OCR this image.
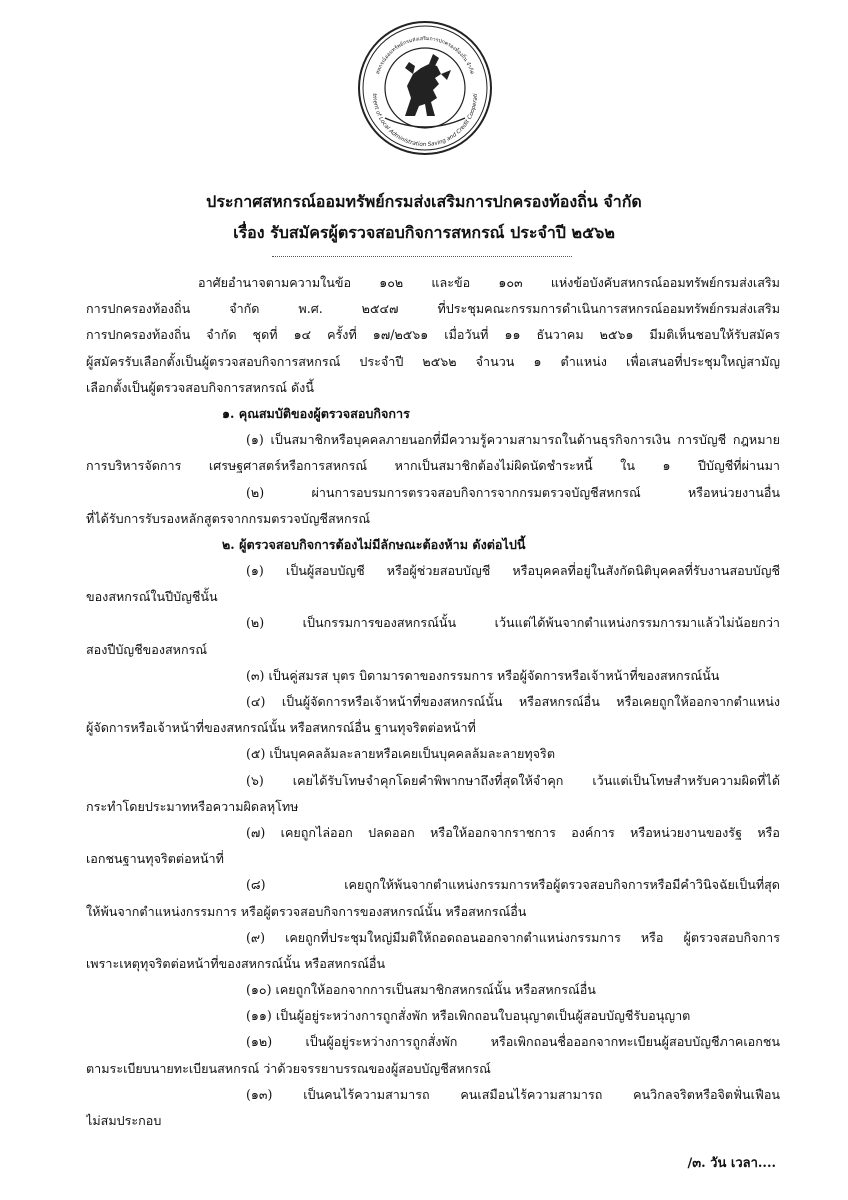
สหกรณ์ออมทรัพย์กรมส่งเสริมการปกครองท้องถิ่น จำกัด
tment of Local Administration Saving and Credit Cooperati
ประกาศสหกรณ์ออมทรัพย์กรมส่งเสริมการปกครองท้องถิ่น จำกัด
เรื่อง รับสมัครผู้ตรวจสอบกิจการสหกรณ์ ประจำปี ๒๕๖๒
อาศัยอำนาจตามความในข้อ ๑๐๒ และข้อ ๑๐๓ แห่งข้อบังคับสหกรณ์ออมทรัพย์กรมส่งเสริม
การปกครองท้องถิ่น จำกัด พ.ศ. ๒๕๔๗ ที่ประชุมคณะกรรมการดำเนินการสหกรณ์ออมทรัพย์กรมส่งเสริม
การปกครองท้องถิ่น จำกัด ชุดที่ ๑๔ ครั้งที่ ๑๗/๒๕๖๑ เมื่อวันที่ ๑๑ ธันวาคม ๒๕๖๑ มีมติเห็นชอบให้รับสมัคร
ผู้สมัครรับเลือกตั้งเป็นผู้ตรวจสอบกิจการสหกรณ์ ประจำปี ๒๕๖๒ จำนวน ๑ ตำแหน่ง เพื่อเสนอที่ประชุมใหญ่สามัญ
เลือกตั้งเป็นผู้ตรวจสอบกิจการสหกรณ์ ดังนี้
๑. คุณสมบัติของผู้ตรวจสอบกิจการ
(๑) เป็นสมาชิกหรือบุคคลภายนอกที่มีความรู้ความสามารถในด้านธุรกิจการเงิน การบัญชี กฎหมาย
การบริหารจัดการ เศรษฐศาสตร์หรือการสหกรณ์ หากเป็นสมาชิกต้องไม่ผิดนัดชำระหนี้ ใน ๑ ปีบัญชีที่ผ่านมา
(๒) ผ่านการอบรมการตรวจสอบกิจการจากกรมตรวจบัญชีสหกรณ์ หรือหน่วยงานอื่น
ที่ได้รับการรับรองหลักสูตรจากกรมตรวจบัญชีสหกรณ์
๒. ผู้ตรวจสอบกิจการต้องไม่มีลักษณะต้องห้าม ดังต่อไปนี้
(๑) เป็นผู้สอบบัญชี หรือผู้ช่วยสอบบัญชี หรือบุคคลที่อยู่ในสังกัดนิติบุคคลที่รับงานสอบบัญชี
ของสหกรณ์ในปีบัญชีนั้น
(๒) เป็นกรรมการของสหกรณ์นั้น เว้นแต่ได้พ้นจากตำแหน่งกรรมการมาแล้วไม่น้อยกว่า
สองปีบัญชีของสหกรณ์
(๓) เป็นคู่สมรส บุตร บิดามารดาของกรรมการ หรือผู้จัดการหรือเจ้าหน้าที่ของสหกรณ์นั้น
(๔) เป็นผู้จัดการหรือเจ้าหน้าที่ของสหกรณ์นั้น หรือสหกรณ์อื่น หรือเคยถูกให้ออกจากตำแหน่ง
ผู้จัดการหรือเจ้าหน้าที่ของสหกรณ์นั้น หรือสหกรณ์อื่น ฐานทุจริตต่อหน้าที่
(๕) เป็นบุคคลล้มละลายหรือเคยเป็นบุคคลล้มละลายทุจริต
(๖) เคยได้รับโทษจำคุกโดยคำพิพากษาถึงที่สุดให้จำคุก เว้นแต่เป็นโทษสำหรับความผิดที่ได้
กระทำโดยประมาทหรือความผิดลหุโทษ
(๗) เคยถูกไล่ออก ปลดออก หรือให้ออกจากราชการ องค์การ หรือหน่วยงานของรัฐ หรือ
เอกชนฐานทุจริตต่อหน้าที่
(๘) เคยถูกให้พ้นจากตำแหน่งกรรมการหรือผู้ตรวจสอบกิจการหรือมีคำวินิจฉัยเป็นที่สุด
ให้พ้นจากตำแหน่งกรรมการ หรือผู้ตรวจสอบกิจการของสหกรณ์นั้น หรือสหกรณ์อื่น
(๙) เคยถูกที่ประชุมใหญ่มีมติให้ถอดถอนออกจากตำแหน่งกรรมการ หรือ ผู้ตรวจสอบกิจการ
เพราะเหตุทุจริตต่อหน้าที่ของสหกรณ์นั้น หรือสหกรณ์อื่น
(๑๐) เคยถูกให้ออกจากการเป็นสมาชิกสหกรณ์นั้น หรือสหกรณ์อื่น
(๑๑) เป็นผู้อยู่ระหว่างการถูกสั่งพัก หรือเพิกถอนใบอนุญาตเป็นผู้สอบบัญชีรับอนุญาต
(๑๒) เป็นผู้อยู่ระหว่างการถูกสั่งพัก หรือเพิกถอนชื่อออกจากทะเบียนผู้สอบบัญชีภาคเอกชน
ตามระเบียบนายทะเบียนสหกรณ์ ว่าด้วยจรรยาบรรณของผู้สอบบัญชีสหกรณ์
(๑๓) เป็นคนไร้ความสามารถ คนเสมือนไร้ความสามารถ คนวิกลจริตหรือจิตฟั่นเฟือน
ไม่สมประกอบ
/๓. วัน เวลา....
